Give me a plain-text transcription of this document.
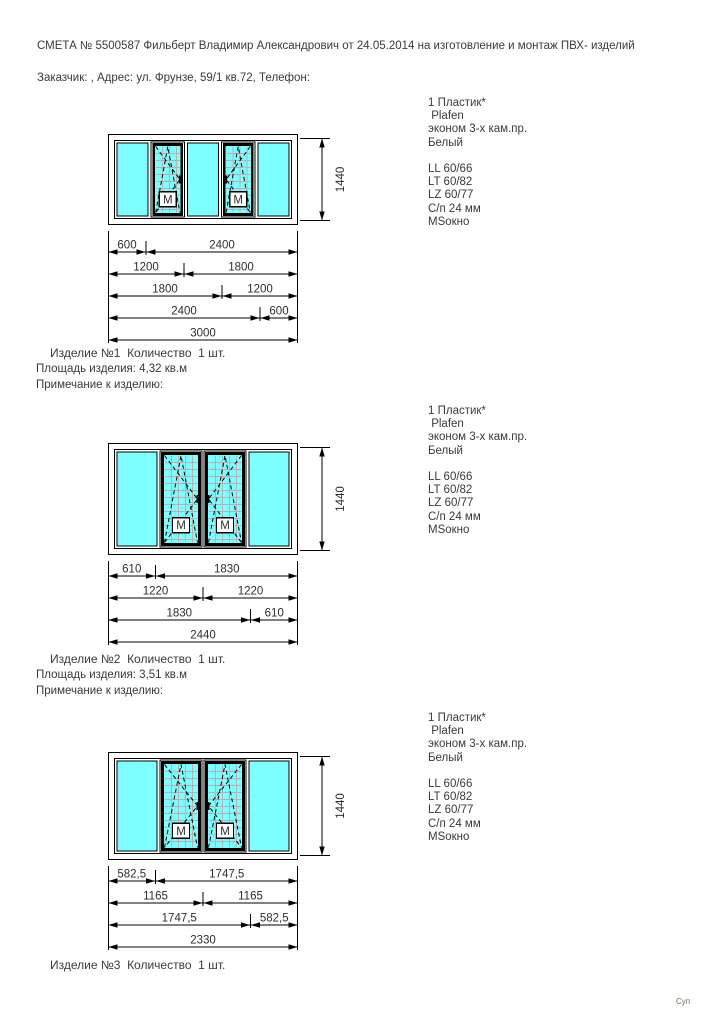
СМЕТА № 5500587 Фильберт Владимир Александрович от 24.05.2014 на изготовление и монтаж ПВХ- изделий
Заказчик: , Адрес: ул. Фрунзе, 59/1 кв.72, Телефон:
1 Пластик*
Plafen
эконом 3-х кам.пр.
Белый
LL 60/66
LT 60/82
LZ 60/77
С/п 24 мм
МSокно
M	M
1440
600	2400
1200	1800
1800	1200
2400	600
3000
Изделие №1  Количество  1 шт.
Площадь изделия: 4,32 кв.м
Примечание к изделию:
1 Пластик*
Plafen
эконом 3-х кам.пр.
Белый
LL 60/66
LT 60/82
LZ 60/77
С/п 24 мм
МSокно
M	M
1440
610	1830
1220	1220
1830	610
2440
Изделие №2  Количество  1 шт.
Площадь изделия: 3,51 кв.м
Примечание к изделию:
1 Пластик*
Plafen
эконом 3-х кам.пр.
Белый
LL 60/66
LT 60/82
LZ 60/77
С/п 24 мм
МSокно
M	M
1440
582,5	1747,5
1165	1165
1747,5	582,5
2330
Изделие №3  Количество  1 шт.
Суп
